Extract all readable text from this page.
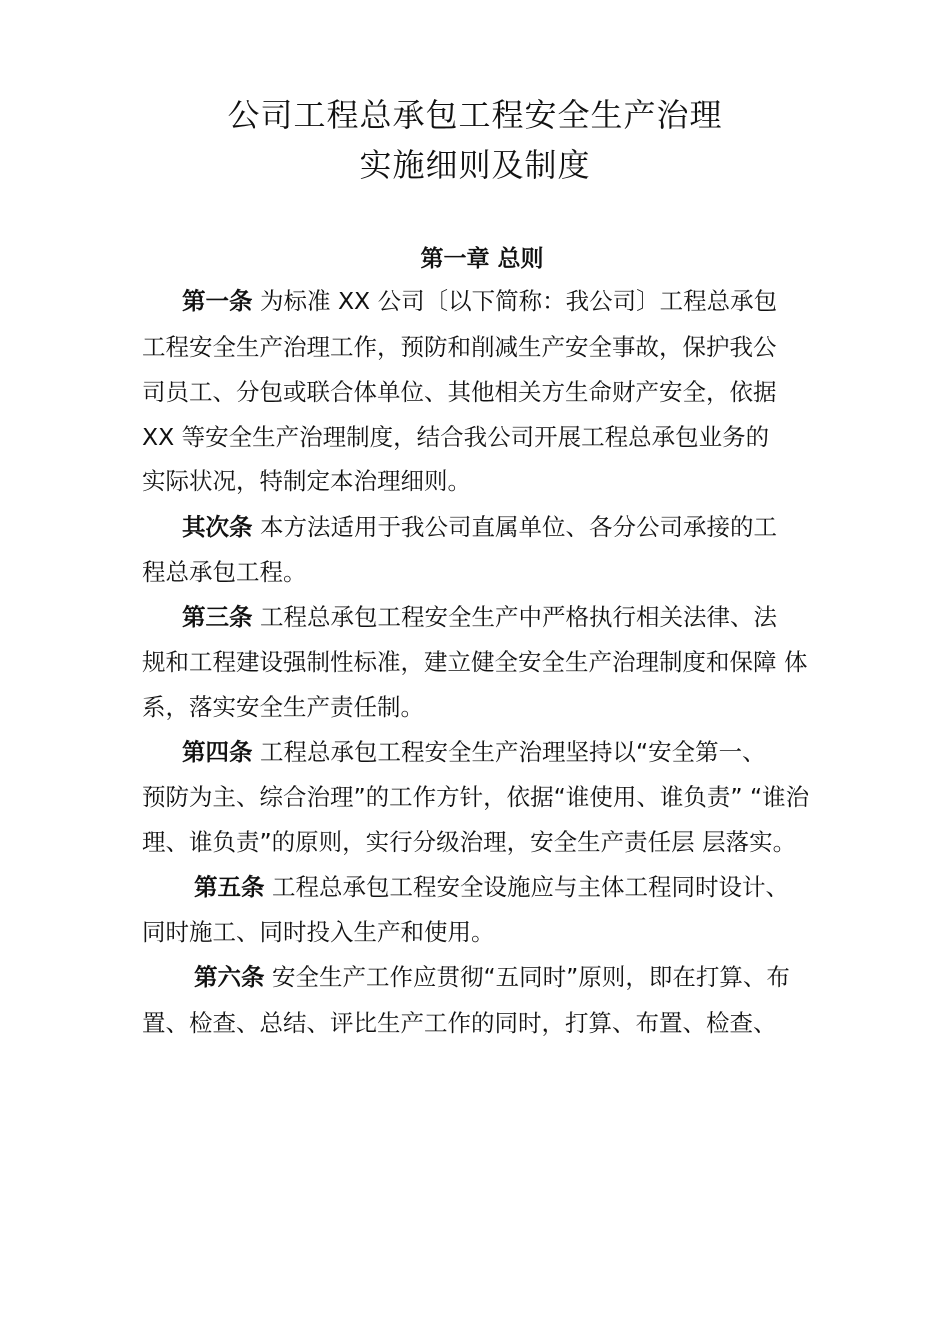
公司工程总承包工程安全生产治理
实施细则及制度
第一章 总则
第一条 为标准 XX 公司〔以下简称：我公司〕工程总承包
工程安全生产治理工作，预防和削减生产安全事故，保护我公
司员工、分包或联合体单位、其他相关方生命财产安全，依据
XX 等安全生产治理制度，结合我公司开展工程总承包业务的
实际状况，特制定本治理细则。
其次条 本方法适用于我公司直属单位、各分公司承接的工
程总承包工程。
第三条 工程总承包工程安全生产中严格执行相关法律、法
规和工程建设强制性标准，建立健全安全生产治理制度和保障 体
系，落实安全生产责任制。
第四条 工程总承包工程安全生产治理坚持以“安全第一、
预防为主、综合治理”的工作方针，依据“谁使用、谁负责” “谁治
理、谁负责”的原则，实行分级治理，安全生产责任层 层落实。
第五条 工程总承包工程安全设施应与主体工程同时设计、
同时施工、同时投入生产和使用。
第六条 安全生产工作应贯彻“五同时”原则，即在打算、布
置、检查、总结、评比生产工作的同时，打算、布置、检查、
